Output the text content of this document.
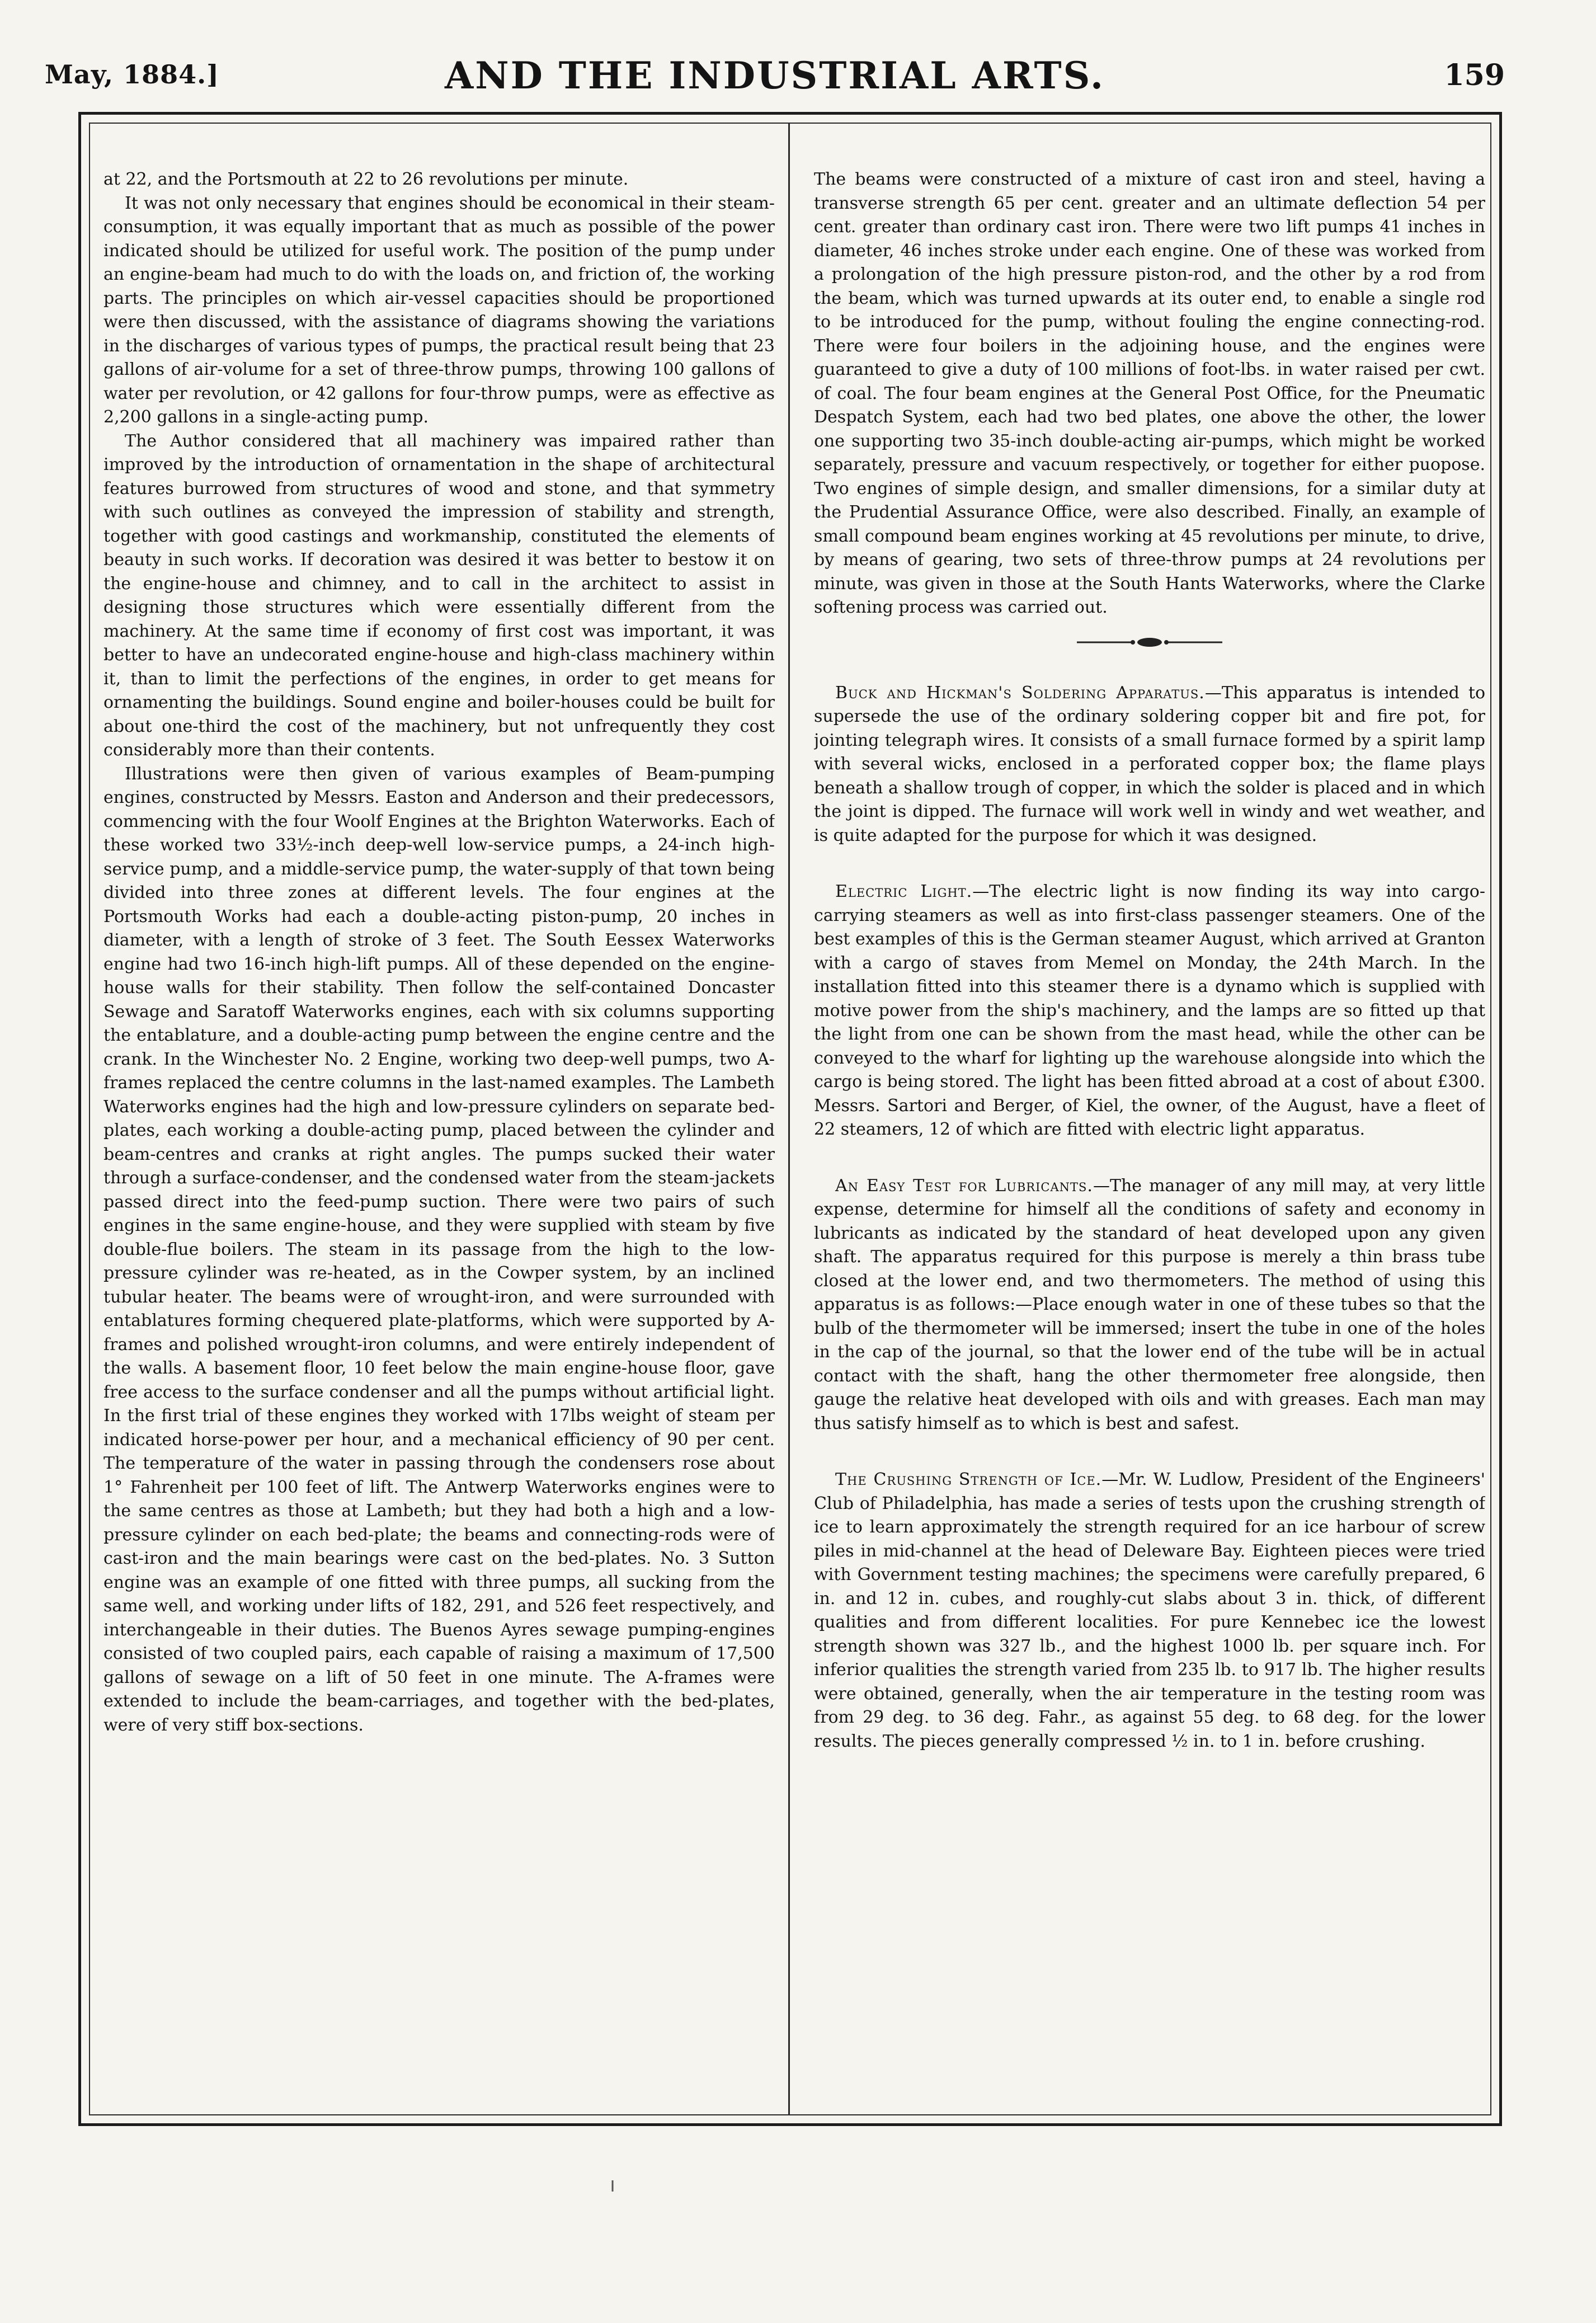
May, 1884.]	AND THE INDUSTRIAL ARTS.	159

at 22, and the Portsmouth at 22 to 26 revolutions per minute.

It was not only necessary that engines should be economical in their steam-consumption, it was equally important that as much as possible of the power indicated should be utilized for useful work. The position of the pump under an engine-beam had much to do with the loads on, and friction of, the working parts. The principles on which air-vessel capacities should be proportioned were then discussed, with the assistance of diagrams showing the variations in the discharges of various types of pumps, the practical result being that 23 gallons of air-volume for a set of three-throw pumps, throwing 100 gallons of water per revolution, or 42 gallons for four-throw pumps, were as effective as 2,200 gallons in a single-acting pump.

The Author considered that all machinery was impaired rather than improved by the introduction of ornamentation in the shape of architectural features burrowed from structures of wood and stone, and that symmetry with such outlines as conveyed the impression of stability and strength, together with good castings and workmanship, constituted the elements of beauty in such works. If decoration was desired it was better to bestow it on the engine-house and chimney, and to call in the architect to assist in designing those structures which were essentially different from the machinery. At the same time if economy of first cost was important, it was better to have an undecorated engine-house and high-class machinery within it, than to limit the perfections of the engines, in order to get means for ornamenting the buildings. Sound engine and boiler-houses could be built for about one-third the cost of the machinery, but not unfrequently they cost considerably more than their contents.

Illustrations were then given of various examples of Beam-pumping engines, constructed by Messrs. Easton and Anderson and their predecessors, commencing with the four Woolf Engines at the Brighton Waterworks. Each of these worked two 33½-inch deep-well low-service pumps, a 24-inch high-service pump, and a middle-service pump, the water-supply of that town being divided into three zones at different levels. The four engines at the Portsmouth Works had each a double-acting piston-pump, 20 inches in diameter, with a length of stroke of 3 feet. The South Eessex Waterworks engine had two 16-inch high-lift pumps. All of these depended on the engine-house walls for their stability. Then follow the self-contained Doncaster Sewage and Saratoff Waterworks engines, each with six columns supporting the entablature, and a double-acting pump between the engine centre and the crank. In the Winchester No. 2 Engine, working two deep-well pumps, two A-frames replaced the centre columns in the last-named examples. The Lambeth Waterworks engines had the high and low-pressure cylinders on separate bed-plates, each working a double-acting pump, placed between the cylinder and beam-centres and cranks at right angles. The pumps sucked their water through a surface-condenser, and the condensed water from the steam-jackets passed direct into the feed-pump suction. There were two pairs of such engines in the same engine-house, and they were supplied with steam by five double-flue boilers. The steam in its passage from the high to the low-pressure cylinder was re-heated, as in the Cowper system, by an inclined tubular heater. The beams were of wrought-iron, and were surrounded with entablatures forming chequered plate-platforms, which were supported by A-frames and polished wrought-iron columns, and were entirely independent of the walls. A basement floor, 10 feet below the main engine-house floor, gave free access to the surface condenser and all the pumps without artificial light. In the first trial of these engines they worked with 17lbs weight of steam per indicated horse-power per hour, and a mechanical efficiency of 90 per cent. The temperature of the water in passing through the condensers rose about 1° Fahrenheit per 100 feet of lift. The Antwerp Waterworks engines were to the same centres as those at Lambeth; but they had both a high and a low-pressure cylinder on each bed-plate; the beams and connecting-rods were of cast-iron and the main bearings were cast on the bed-plates. No. 3 Sutton engine was an example of one fitted with three pumps, all sucking from the same well, and working under lifts of 182, 291, and 526 feet respectively, and interchangeable in their duties. The Buenos Ayres sewage pumping-engines consisted of two coupled pairs, each capable of raising a maximum of 17,500 gallons of sewage on a lift of 50 feet in one minute. The A-frames were extended to include the beam-carriages, and together with the bed-plates, were of very stiff box-sections.

The beams were constructed of a mixture of cast iron and steel, having a transverse strength 65 per cent. greater and an ultimate deflection 54 per cent. greater than ordinary cast iron. There were two lift pumps 41 inches in diameter, 46 inches stroke under each engine. One of these was worked from a prolongation of the high pressure piston-rod, and the other by a rod from the beam, which was turned upwards at its outer end, to enable a single rod to be introduced for the pump, without fouling the engine connecting-rod. There were four boilers in the adjoining house, and the engines were guaranteed to give a duty of 100 millions of foot-lbs. in water raised per cwt. of coal. The four beam engines at the General Post Office, for the Pneumatic Despatch System, each had two bed plates, one above the other, the lower one supporting two 35-inch double-acting air-pumps, which might be worked separately, pressure and vacuum respectively, or together for either puopose. Two engines of simple design, and smaller dimensions, for a similar duty at the Prudential Assurance Office, were also described. Finally, an example of small compound beam engines working at 45 revolutions per minute, to drive, by means of gearing, two sets of three-throw pumps at 24 revolutions per minute, was given in those at the South Hants Waterworks, where the Clarke softening process was carried out.

Buck and Hickman's Soldering Apparatus.—This apparatus is intended to supersede the use of the ordinary soldering copper bit and fire pot, for jointing telegraph wires. It consists of a small furnace formed by a spirit lamp with several wicks, enclosed in a perforated copper box; the flame plays beneath a shallow trough of copper, in which the solder is placed and in which the joint is dipped. The furnace will work well in windy and wet weather, and is quite adapted for the purpose for which it was designed.

Electric Light.—The electric light is now finding its way into cargo-carrying steamers as well as into first-class passenger steamers. One of the best examples of this is the German steamer August, which arrived at Granton with a cargo of staves from Memel on Monday, the 24th March. In the installation fitted into this steamer there is a dynamo which is supplied with motive power from the ship's machinery, and the lamps are so fitted up that the light from one can be shown from the mast head, while the other can be conveyed to the wharf for lighting up the warehouse alongside into which the cargo is being stored. The light has been fitted abroad at a cost of about £300. Messrs. Sartori and Berger, of Kiel, the owner, of the August, have a fleet of 22 steamers, 12 of which are fitted with electric light apparatus.

An Easy Test for Lubricants.—The manager of any mill may, at very little expense, determine for himself all the conditions of safety and economy in lubricants as indicated by the standard of heat developed upon any given shaft. The apparatus required for this purpose is merely a thin brass tube closed at the lower end, and two thermometers. The method of using this apparatus is as follows:—Place enough water in one of these tubes so that the bulb of the thermometer will be immersed; insert the tube in one of the holes in the cap of the journal, so that the lower end of the tube will be in actual contact with the shaft, hang the other thermometer free alongside, then gauge the relative heat developed with oils and with greases. Each man may thus satisfy himself as to which is best and safest.

The Crushing Strength of Ice.—Mr. W. Ludlow, President of the Engineers' Club of Philadelphia, has made a series of tests upon the crushing strength of ice to learn approximately the strength required for an ice harbour of screw piles in mid-channel at the head of Deleware Bay. Eighteen pieces were tried with Government testing machines; the specimens were carefully prepared, 6 in. and 12 in. cubes, and roughly-cut slabs about 3 in. thick, of different qualities and from different localities. For pure Kennebec ice the lowest strength shown was 327 lb., and the highest 1000 lb. per square inch. For inferior qualities the strength varied from 235 lb. to 917 lb. The higher results were obtained, generally, when the air temperature in the testing room was from 29 deg. to 36 deg. Fahr., as against 55 deg. to 68 deg. for the lower results. The pieces generally compressed ½ in. to 1 in. before crushing.
